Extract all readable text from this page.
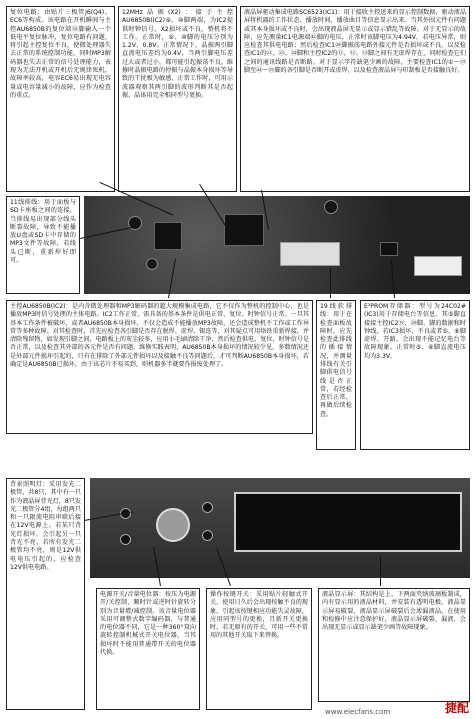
复位电路：由贴片三极管J6(Q4)、EC6等构成。该电路在开机瞬间与主控AU6850B的复位端⑭脚输入一个低电平复位脉冲，复位电路有问题，将引起主控复位不良，使微处理器失去正常的系统控制功能，同时MP3解码器也失去正常的信号处理能力，表现为无法开机或开机后无规律死机，故障率较高，电容EC6易出现无电容量或电容量减小的故障，应作为检查的重点。
12MHz晶振(X2)：接于主控AU6850B(IC2)⑨、⑩脚两端，为IC2提供时钟信号，X2损坏或不良，整机将不工作。正常时，⑨、⑩脚的电压分别为1.2V、0.8V。正常情况下，晶振两引脚直流电压差约为0.4V，当两引脚电压差过大或者过小，都可能引起振荡不良。维修时晶振电路的停振与晶振本身损坏等导致的干扰极为敏感，正常工作时，可用示波器观察其两引脚的波形判断其是否起振，晶体用完全相同型号更换。
液晶屏驱动集成电路SC6523(IC1)：用于接收主控送来的显示控制数据，驱动液晶屏将机器的工作状态、播放时间、播放曲目等信息显示出来。当其外围元件有问题或其本身损坏或不良时，会出现液晶屏无显示或显示错乱等故障。对于无显示的故障，应先测量IC1电源端㊷脚的电压，正常时该脚电压为4.94V，若电压异常，则应检查其供电电路；然后检查IC1⑳脚振荡电路外接元件是否损坏或不良，以及检查IC1的㉑、㉓、㉔脚和主控IC2的⑪、⑫、⑬脚之间有无虚焊存在，同时检查它们之间的通讯线路是否断路。对于显示字符缺笔少画的故障，主要检查IC1的①～⑲脚至㊹～㊴脚的各引脚是否断开或虚焊，以及检查液晶屏与印制板是否接触良好。
11线排线：用于面板与SD卡座板之间的连接，当排线易出现部分线头断裂故障，导致不能播放U盘或SD卡中存储的MP3文件等故障，若线头已断，重新焊好即可。
主控AU6850B(IC2)：是内含微处理器和MP3解码器的超大规模集成电路，它不仅作为整机的控制中心，也是播放MP3时信号处理的主体电路。IC2工作正常，需具备的基本条件是供电正常、复位、时钟信号正常。一旦其基本工作条件被破坏，或者AU6850B本身损坏，不仅会造成不能播放MP3故障，还会造成整机不工作或工作异常等多种故障。对其检查时，首先应检查各引脚是否存在脱焊、虚焊、锡连等，对其疑点可用烙铁重新焊接，并清除残留物，如发现引脚之间、电路板上的灰尘较多，应用小毛刷清除干净，然后检查供电、复位、时钟信号是否正常，以及检查其外部的各元件是否有问题，维修实践表明，AU6850B本身损坏的情况较少见，多数情况还是外部元件损坏引起的，只有在排除了外部元件损坏以及接触不良等问题后，才可判断AU6850B本身损坏，若确定是AU6850B已损坏，由于该芯片不易买到，则机器多半就要作报废处理了。
19线软排线：用于在检查面板故障时，应先检查此排线的插接情况，并测量排线有关引脚供电信号线是否正常，若经检查后正常，再做后续检查。
E²PROM存储器：型号为24C02#(IC3)用于存储电台等信息。其⑤脚直接接主控IC2⑲、⑳脚，脚的数据和时钟线，若IC3损坏、不良或者⑤、⑥脚虚焊、开路，会出现不能记忆电台等故障现象。正常时⑤、⑥脚直流电压均为3.3V。
背景照明灯：采用发光二极管，共8只，其中有一只作为液晶屏背光灯，8只发光二极管分4组，每组两只和一只限流电阻串联后接在12V电源上。若某只背光灯损坏，会引起另一只背光不亮，若所有发光二极管均不亮，则是12V供电电压引起的，应检查12V供电电路。
电源开关/音量电位器：按压为电源开/关控制，顺时针或逆时针旋转分别为音量增/减控制。该音量电位器采用可调整式数字编码器，与普通的电位器不同，它是一种360°双向旋转控制机械式开关电位器，当其损坏时不能用普通带开关的电位器代换。
操作按键开关：采用贴片轻触式开关，使用日久后会出现按触不良的现象，引起该按键相应功能失灵故障，应用同型号的更换，且新开关更换时，若无原有的开关，可用一些不常用的其他开关取下来替换。
液晶显示屏：其结构是上、下两面夹纳玻璃板制成，内有显示用的液晶材料，并安装有透明电极。液晶显示屏易破裂，液晶显示屏破裂后会渗漏液晶，在使用和检修中应注意保护好，液晶显示屏破裂、漏液，会出现无显示或显示缺笔少画等故障现象。
www.elecfans.com	捷配
